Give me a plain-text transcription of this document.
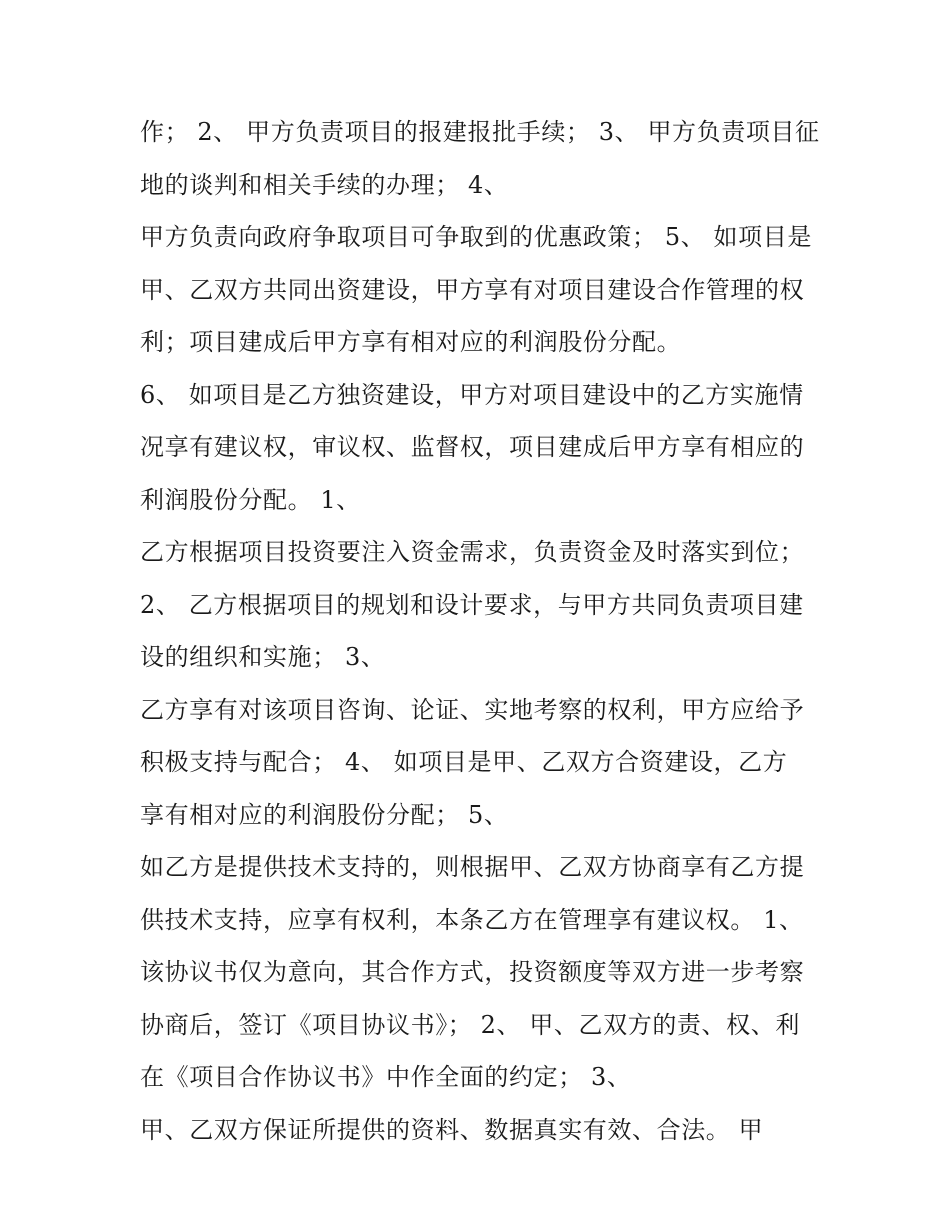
作； 2、 甲方负责项目的报建报批手续； 3、 甲方负责项目征
地的谈判和相关手续的办理； 4、
甲方负责向政府争取项目可争取到的优惠政策； 5、 如项目是
甲、乙双方共同出资建设，甲方享有对项目建设合作管理的权
利；项目建成后甲方享有相对应的利润股份分配。
6、 如项目是乙方独资建设，甲方对项目建设中的乙方实施情
况享有建议权，审议权、监督权，项目建成后甲方享有相应的
利润股份分配。 1、
乙方根据项目投资要注入资金需求，负责资金及时落实到位；
2、 乙方根据项目的规划和设计要求，与甲方共同负责项目建
设的组织和实施； 3、
乙方享有对该项目咨询、论证、实地考察的权利，甲方应给予
积极支持与配合； 4、 如项目是甲、乙双方合资建设，乙方
享有相对应的利润股份分配； 5、
如乙方是提供技术支持的，则根据甲、乙双方协商享有乙方提
供技术支持，应享有权利，本条乙方在管理享有建议权。 1、
该协议书仅为意向，其合作方式，投资额度等双方进一步考察
协商后，签订《项目协议书》； 2、 甲、乙双方的责、权、利
在《项目合作协议书》中作全面的约定； 3、
甲、乙双方保证所提供的资料、数据真实有效、合法。 甲
